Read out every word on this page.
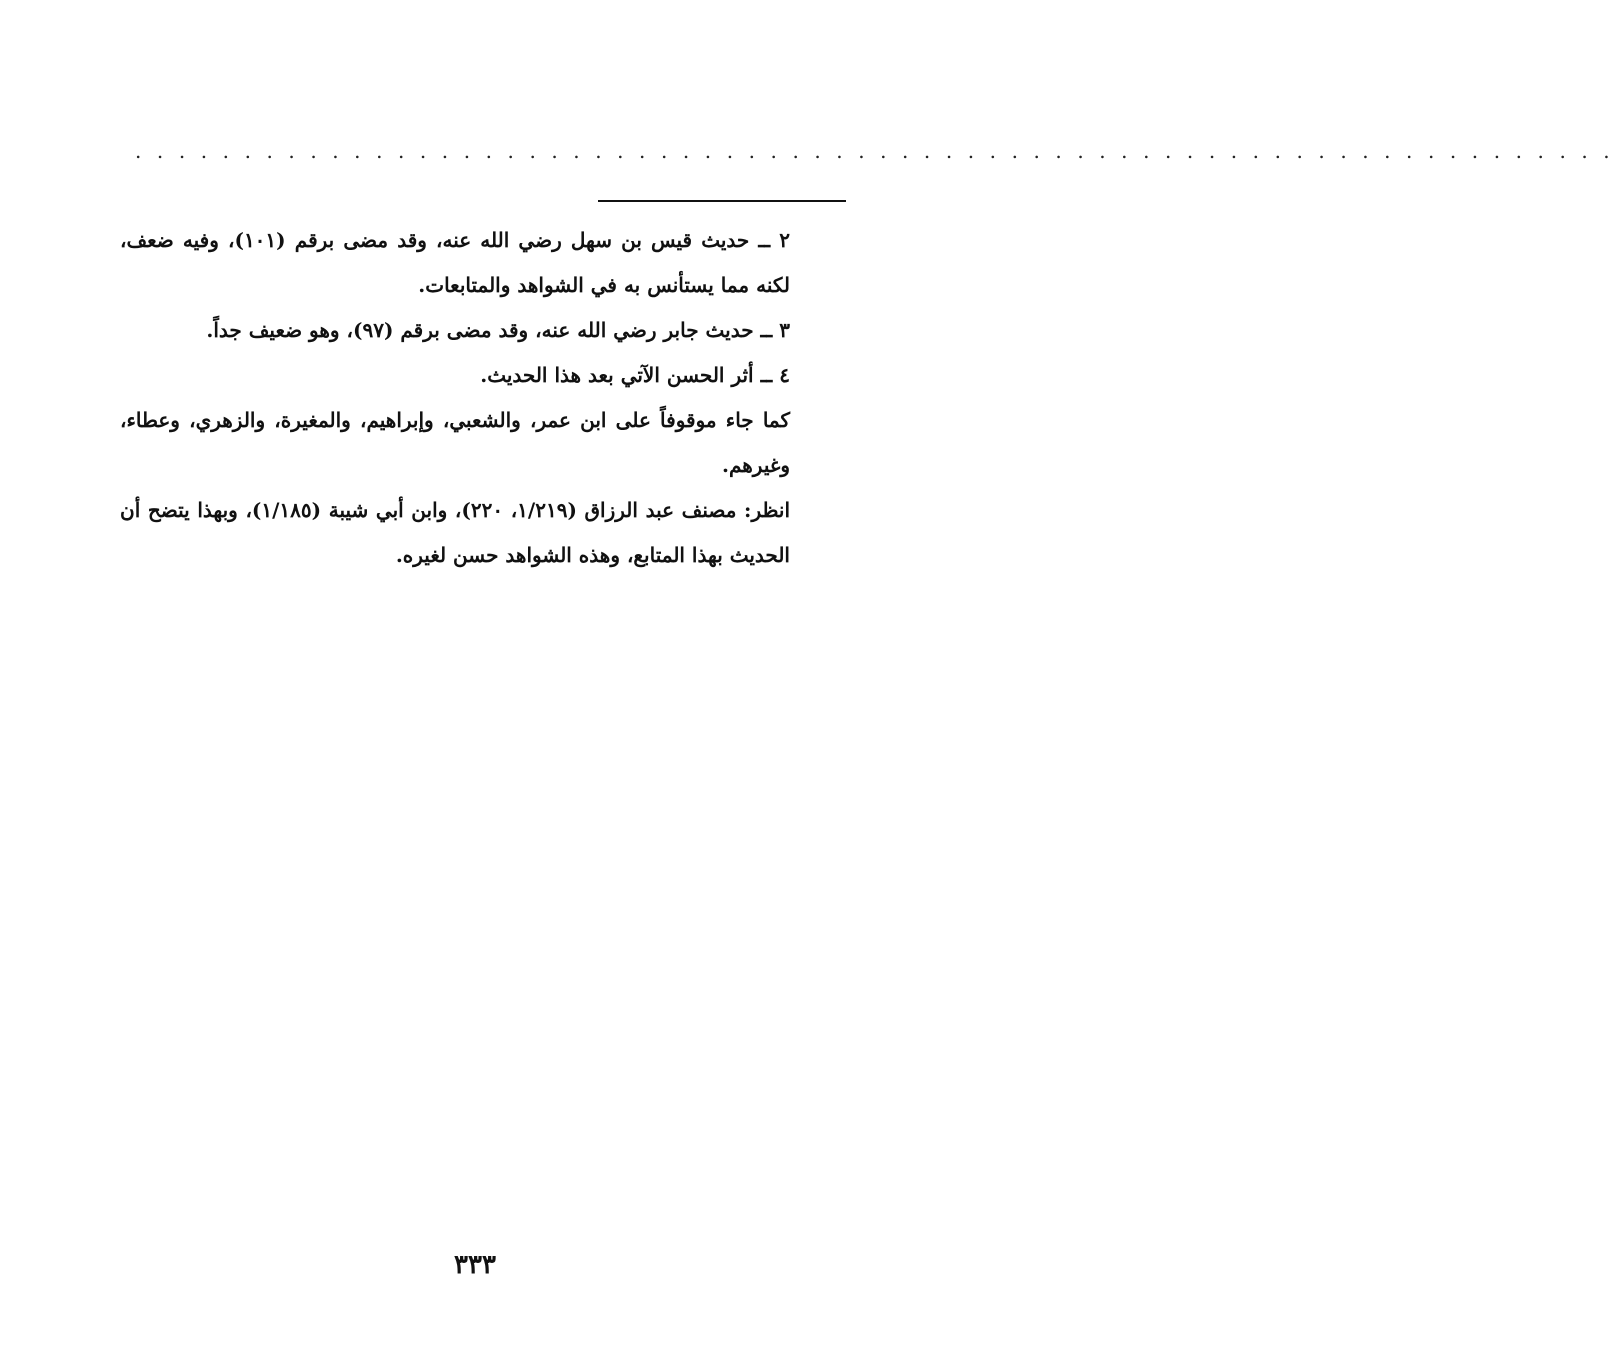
. . . . . . . . . . . . . . . . . . . . . . . . . . . . . . . . . . . . . . . . . . . . . . . . . . . . . . . . . . . . . . . . . . . .

٢ ــ حديث قيس بن سهل رضي الله عنه، وقد مضى برقم (١٠١)، وفيه ضعف، لكنه مما يستأنس به في الشواهد والمتابعات.

٣ ــ حديث جابر رضي الله عنه، وقد مضى برقم (٩٧)، وهو ضعيف جداً.

٤ ــ أثر الحسن الآتي بعد هذا الحديث.

كما جاء موقوفاً على ابن عمر، والشعبي، وإبراهيم، والمغيرة، والزهري، وعطاء، وغيرهم.

انظر: مصنف عبد الرزاق (١/٢١٩، ٢٢٠)، وابن أبي شيبة (١/١٨٥)، وبهذا يتضح أن الحديث بهذا المتابع، وهذه الشواهد حسن لغيره.

٣٣٣
